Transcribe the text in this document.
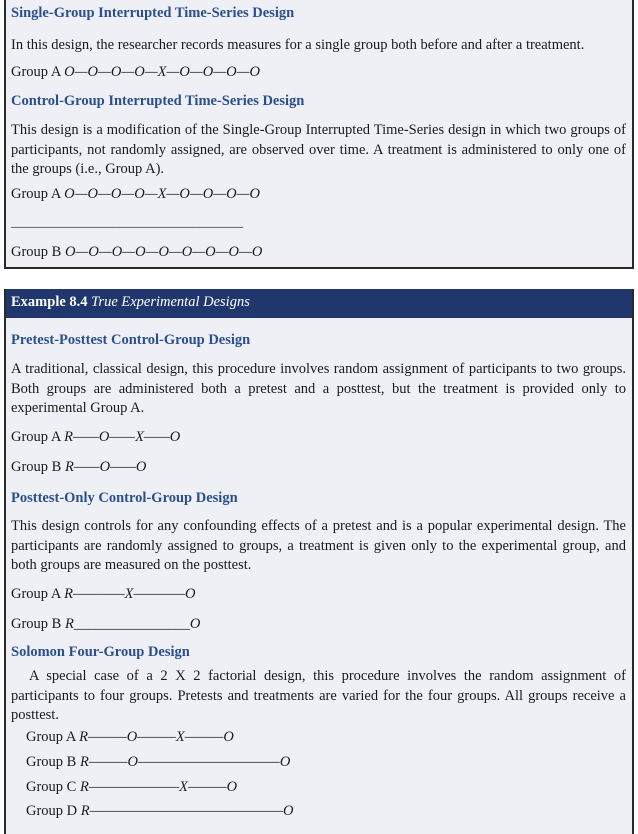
Single-Group Interrupted Time-Series Design
In this design, the researcher records measures for a single group both before and after a treatment.
Group A O—O—O—O—X—O—O—O—O
Control-Group Interrupted Time-Series Design
This design is a modification of the Single-Group Interrupted Time-Series design in which two groups of participants, not randomly assigned, are observed over time. A treatment is administered to only one of the groups (i.e., Group A).
Group A O—O—O—O—X—O—O—O—O
________________________________
Group B O—O—O—O—O—O—O—O—O
Example 8.4 True Experimental Designs
Pretest-Posttest Control-Group Design
A traditional, classical design, this procedure involves random assignment of participants to two groups. Both groups are administered both a pretest and a posttest, but the treatment is provided only to experimental Group A.
Group A R——O——X——O
Group B R——O——O
Posttest-Only Control-Group Design
This design controls for any confounding effects of a pretest and is a popular experimental design. The participants are randomly assigned to groups, a treatment is given only to the experimental group, and both groups are measured on the posttest.
Group A R————X————O
Group B R________________O
Solomon Four-Group Design
A special case of a 2 X 2 factorial design, this procedure involves the random assignment of participants to four groups. Pretests and treatments are varied for the four groups. All groups receive a posttest.
Group A R———O———X———O
Group B R———O———————————O
Group C R———————X———O
Group D R———————————————O
